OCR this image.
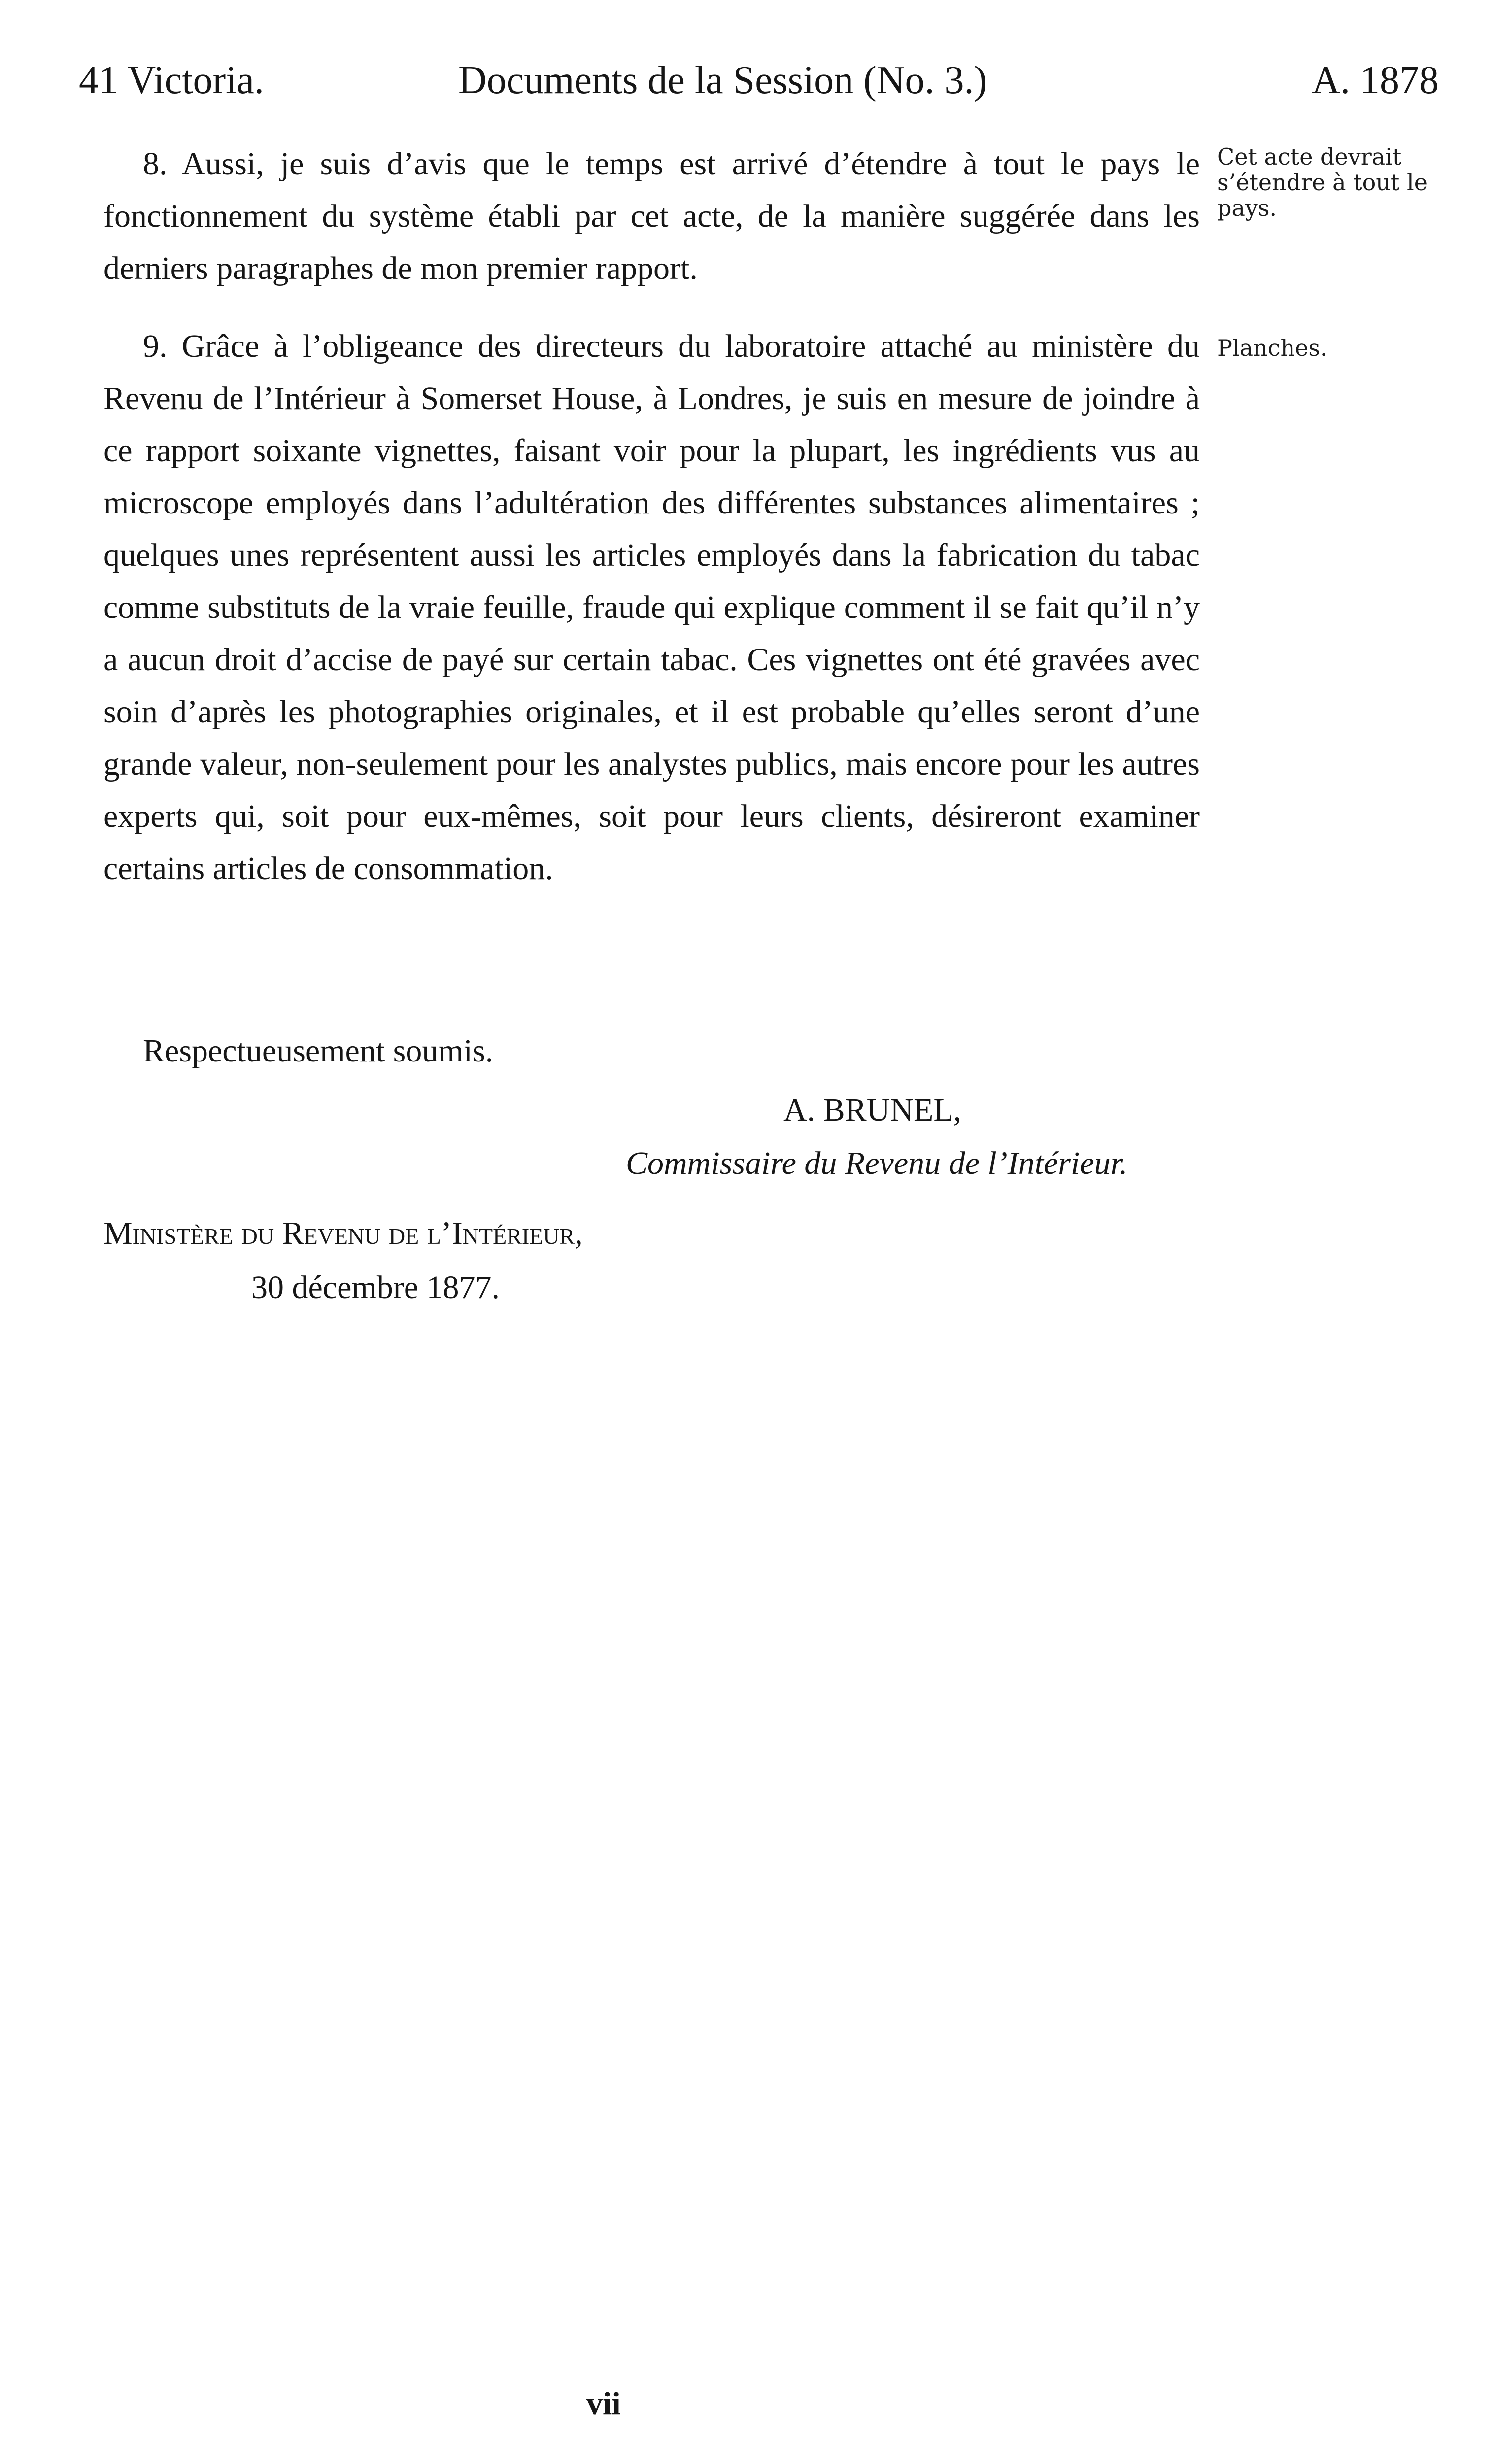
41 Victoria.	Documents de la Session (No. 3.)	A. 1878

8. Aussi, je suis d’avis que le temps est arrivé d’étendre à tout le pays le fonctionnement du système établi par cet acte, de la manière suggérée dans les derniers paragraphes de mon premier rapport.

Cet acte devrait s’étendre à tout le pays.

9. Grâce à l’obligeance des directeurs du laboratoire attaché au ministère du Revenu de l’Intérieur à Somerset House, à Londres, je suis en mesure de joindre à ce rapport soixante vignettes, faisant voir pour la plupart, les ingrédients vus au microscope employés dans l’adultération des différentes substances alimentaires ; quelques unes représentent aussi les articles employés dans la fabrication du tabac comme substituts de la vraie feuille, fraude qui explique comment il se fait qu’il n’y a aucun droit d’accise de payé sur certain tabac. Ces vignettes ont été gravées avec soin d’après les photographies originales, et il est probable qu’elles seront d’une grande valeur, non-seulement pour les analystes publics, mais encore pour les autres experts qui, soit pour eux-mêmes, soit pour leurs clients, désireront examiner certains articles de consommation.

Planches.
Respectueusement soumis.
A. BRUNEL,
Commissaire du Revenu de l’Intérieur.
Ministère du Revenu de l’Intérieur,
30 décembre 1877.
vii
